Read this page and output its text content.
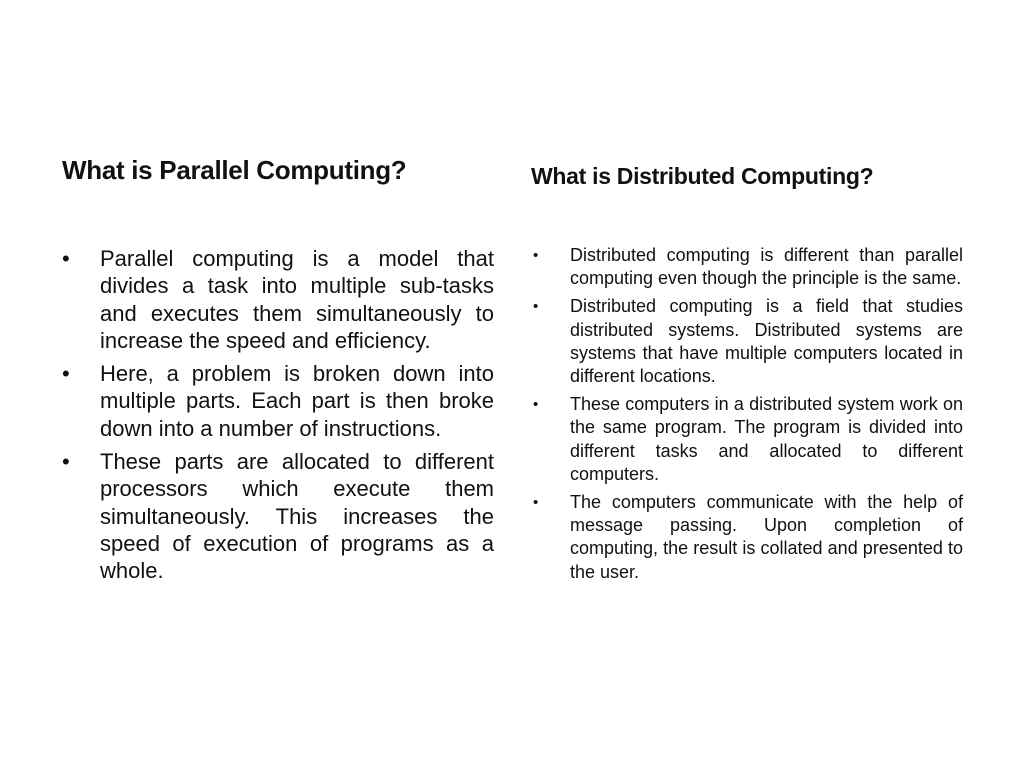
What is Parallel Computing?
• Parallel computing is a model that divides a task into multiple sub-tasks and executes them simultaneously to increase the speed and efficiency.
• Here, a problem is broken down into multiple parts. Each part is then broke down into a number of instructions.
• These parts are allocated to different processors which execute them simultaneously. This increases the speed of execution of programs as a whole.
What is Distributed Computing?
• Distributed computing is different than parallel computing even though the principle is the same.
• Distributed computing is a field that studies distributed systems. Distributed systems are systems that have multiple computers located in different locations.
• These computers in a distributed system work on the same program. The program is divided into different tasks and allocated to different computers.
• The computers communicate with the help of message passing. Upon completion of computing, the result is collated and presented to the user.
